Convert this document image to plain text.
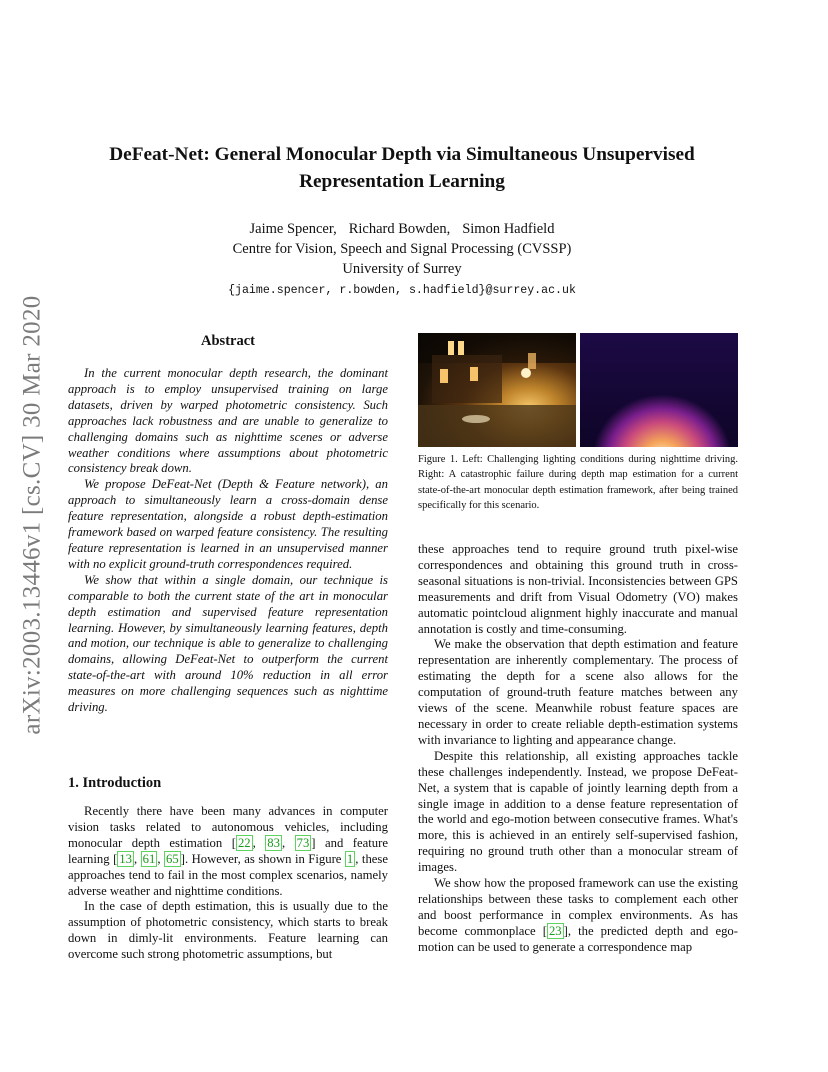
arXiv:2003.13446v1 [cs.CV] 30 Mar 2020
DeFeat-Net: General Monocular Depth via Simultaneous Unsupervised
Representation Learning
Jaime Spencer, Richard Bowden, Simon Hadfield
Centre for Vision, Speech and Signal Processing (CVSSP)
University of Surrey
{jaime.spencer, r.bowden, s.hadfield}@surrey.ac.uk
Abstract

In the current monocular depth research, the dominant approach is to employ unsupervised training on large datasets, driven by warped photometric consistency. Such approaches lack robustness and are unable to generalize to challenging domains such as nighttime scenes or adverse weather conditions where assumptions about photometric consistency break down.

We propose DeFeat-Net (Depth & Feature network), an approach to simultaneously learn a cross-domain dense feature representation, alongside a robust depth-estimation framework based on warped feature consistency. The resulting feature representation is learned in an unsupervised manner with no explicit ground-truth correspondences required.

We show that within a single domain, our technique is comparable to both the current state of the art in monocular depth estimation and supervised feature representation learning. However, by simultaneously learning features, depth and motion, our technique is able to generalize to challenging domains, allowing DeFeat-Net to outperform the current state-of-the-art with around 10% reduction in all error measures on more challenging sequences such as nighttime driving.

1. Introduction

Recently there have been many advances in computer vision tasks related to autonomous vehicles, including monocular depth estimation [ 22 , 83 , 73 ] and feature learning [ 13 , 61 , 65 ]. However, as shown in Figure 1 , these approaches tend to fail in the most complex scenarios, namely adverse weather and nighttime conditions.

In the case of depth estimation, this is usually due to the assumption of photometric consistency, which starts to break down in dimly-lit environments. Feature learning can overcome such strong photometric assumptions, but

Figure 1. Left: Challenging lighting conditions during nighttime driving. Right: A catastrophic failure during depth map estimation for a current state-of-the-art monocular depth estimation framework, after being trained specifically for this scenario.

these approaches tend to require ground truth pixel-wise correspondences and obtaining this ground truth in cross-seasonal situations is non-trivial. Inconsistencies between GPS measurements and drift from Visual Odometry (VO) makes automatic pointcloud alignment highly inaccurate and manual annotation is costly and time-consuming.

We make the observation that depth estimation and feature representation are inherently complementary. The process of estimating the depth for a scene also allows for the computation of ground-truth feature matches between any views of the scene. Meanwhile robust feature spaces are necessary in order to create reliable depth-estimation systems with invariance to lighting and appearance change.

Despite this relationship, all existing approaches tackle these challenges independently. Instead, we propose DeFeat-Net, a system that is capable of jointly learning depth from a single image in addition to a dense feature representation of the world and ego-motion between consecutive frames. What's more, this is achieved in an entirely self-supervised fashion, requiring no ground truth other than a monocular stream of images.

We show how the proposed framework can use the existing relationships between these tasks to complement each other and boost performance in complex environments. As has become commonplace [ 23 ], the predicted depth and ego-motion can be used to generate a correspondence map
